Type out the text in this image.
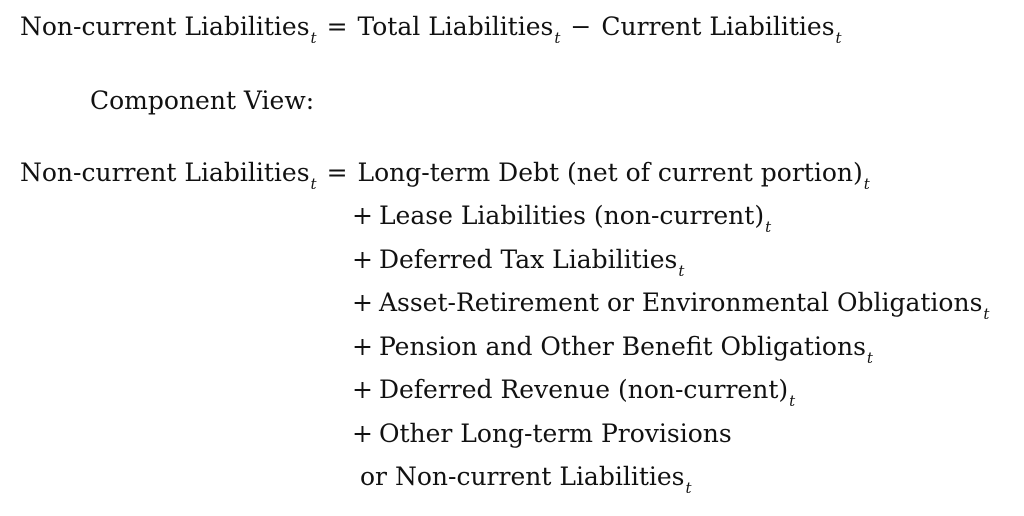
Non-current Liabilities$_t$ = Total Liabilities$_t$ − Current Liabilities$_t$
Component View:
Non-current Liabilities$_t$ = Long-term Debt (net of current $portion)_t$
+ Lease Liabilities $(non-current)_t$
+ Deferred Tax Liabilities$_t$
+ Asset-Retirement or Environmental Obligations$_t$
+ Pension and Other Benefit Obligations$_t$
+ Deferred Revenue $(non-current)_t$
+ Other Long-term Provisions
or Non-current Liabilities$_t$
